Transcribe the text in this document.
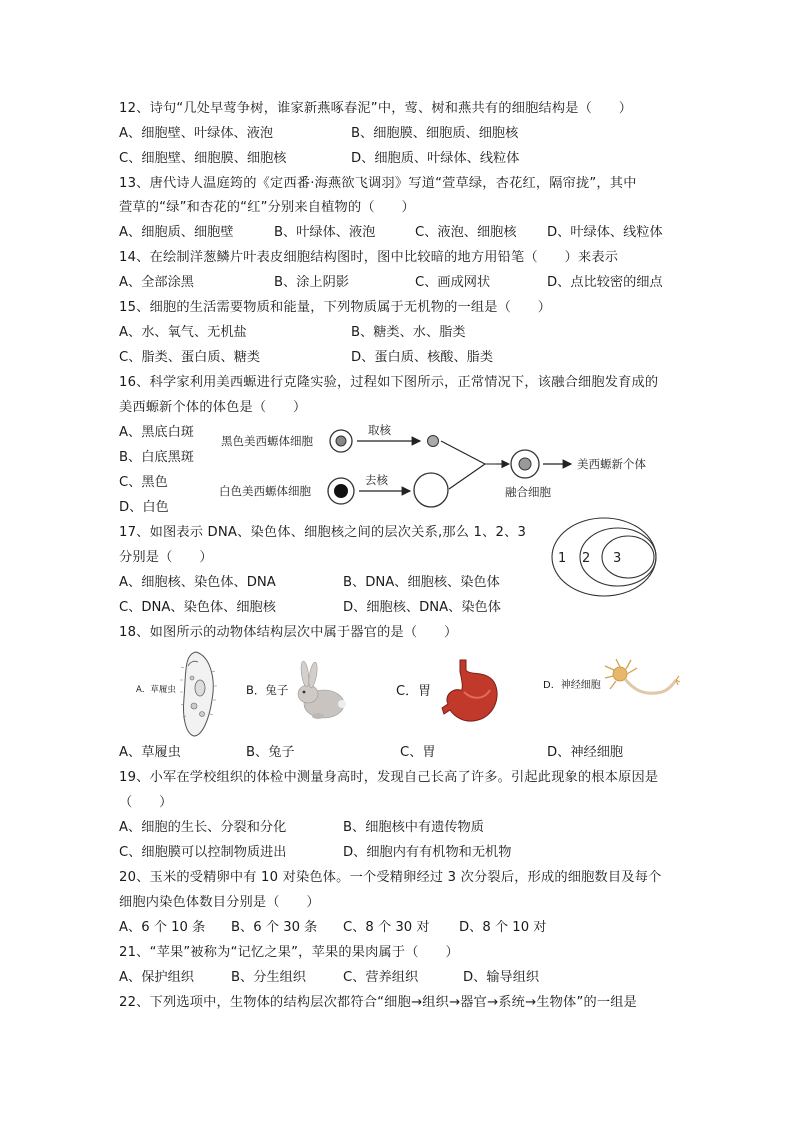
12、诗句“几处早莺争树，谁家新燕啄春泥”中，莺、树和燕共有的细胞结构是（　　）
A、细胞壁、叶绿体、液泡	B、细胞膜、细胞质、细胞核
C、细胞壁、细胞膜、细胞核	D、细胞质、叶绿体、线粒体
13、唐代诗人温庭筠的《定西番·海燕欲飞调羽》写道“萱草绿，杏花红，隔帘拢”，其中
萱草的“绿”和杏花的“红”分别来自植物的（　　）
A、细胞质、细胞壁	B、叶绿体、液泡	C、液泡、细胞核 D、叶绿体、线粒体
14、在绘制洋葱鳞片叶表皮细胞结构图时，图中比较暗的地方用铅笔（　　）来表示
A、全部涂黑	B、涂上阴影	C、画成网状	D、点比较密的细点
15、细胞的生活需要物质和能量，下列物质属于无机物的一组是（　　）
A、水、氧气、无机盐	B、糖类、水、脂类
C、脂类、蛋白质、糖类	D、蛋白质、核酸、脂类
16、科学家利用美西螈进行克隆实验，过程如下图所示，正常情况下，该融合细胞发育成的
美西螈新个体的体色是（　　）
A、黑底白斑
B、白底黑斑
C、黑色
D、白色
黑色美西螈体细胞
取核
白色美西螈体细胞
去核
融合细胞
美西螈新个体
17、如图表示 DNA、染色体、细胞核之间的层次关系,那么 1、2、3
分别是（　　）
A、细胞核、染色体、DNA	B、DNA、细胞核、染色体
C、DNA、染色体、细胞核	D、细胞核、DNA、染色体
1 2 3
18、如图所示的动物体结构层次中属于器官的是（　　）
A．草履虫	B．兔子	C．胃	D．神经细胞
A、草履虫	B、兔子	C、胃	D、神经细胞
19、小军在学校组织的体检中测量身高时，发现自己长高了许多。引起此现象的根本原因是
（　　）
A、细胞的生长、分裂和分化	B、细胞核中有遗传物质
C、细胞膜可以控制物质进出	D、细胞内有有机物和无机物
20、玉米的受精卵中有 10 对染色体。一个受精卵经过 3 次分裂后，形成的细胞数目及每个
细胞内染色体数目分别是（　　）
A、6 个 10 条 B、6 个 30 条 C、8 个 30 对 D、8 个 10 对
21、“苹果”被称为“记忆之果”，苹果的果肉属于（　　）
A、保护组织	B、分生组织	C、营养组织	D、输导组织
22、下列选项中，生物体的结构层次都符合“细胞→组织→器官→系统→生物体”的一组是
